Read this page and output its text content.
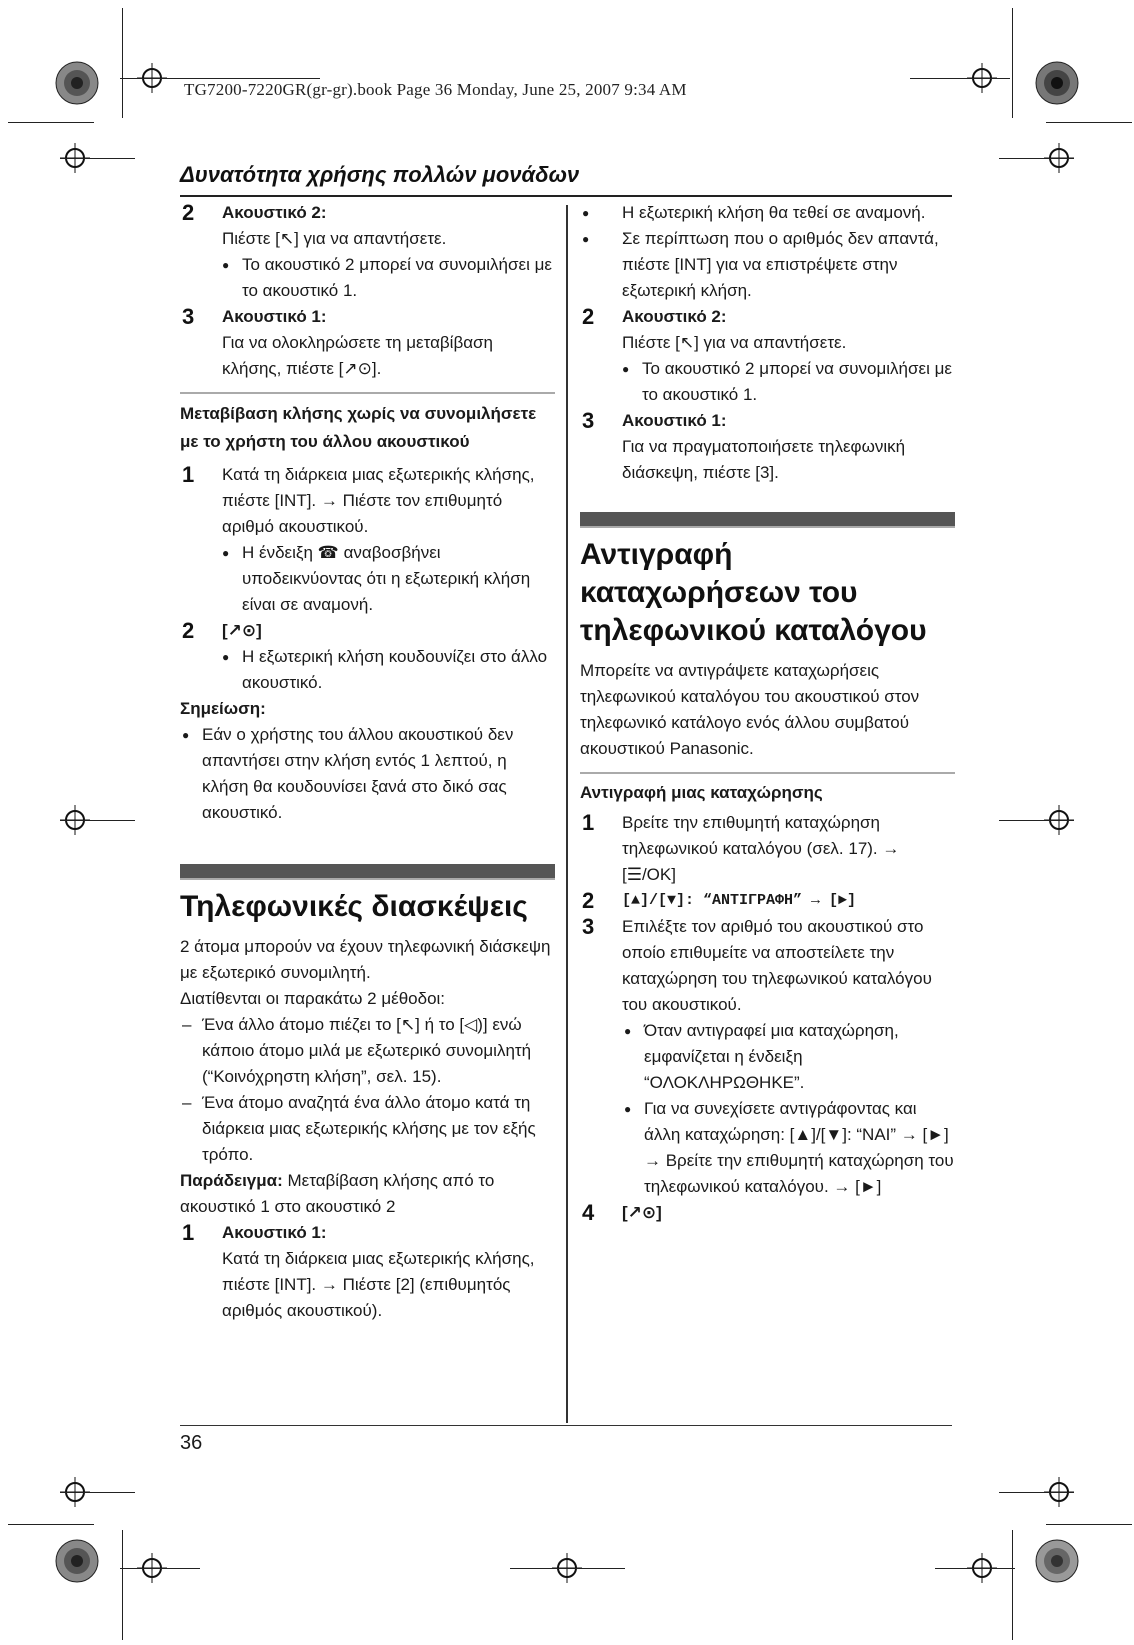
TG7200-7220GR(gr-gr).book Page 36 Monday, June 25, 2007 9:34 AM
Δυνατότητα χρήσης πολλών μονάδων
2 Ακουστικό 2:
Πιέστε [↖] για να απαντήσετε.
● Το ακουστικό 2 μπορεί να συνομιλήσει με το ακουστικό 1.
3 Ακουστικό 1:
Για να ολοκληρώσετε τη μεταβίβαση κλήσης, πιέστε [↗⊙].
Μεταβίβαση κλήσης χωρίς να συνομιλήσετε με το χρήστη του άλλου ακουστικού
1 Κατά τη διάρκεια μιας εξωτερικής κλήσης, πιέστε [INT]. → Πιέστε τον επιθυμητό αριθμό ακουστικού.
● Η ένδειξη ☎ αναβοσβήνει υποδεικνύοντας ότι η εξωτερική κλήση είναι σε αναμονή.
2 [↗⊙]
● Η εξωτερική κλήση κουδουνίζει στο άλλο ακουστικό.
Σημείωση:
● Εάν ο χρήστης του άλλου ακουστικού δεν απαντήσει στην κλήση εντός 1 λεπτού, η κλήση θα κουδουνίσει ξανά στο δικό σας ακουστικό.
Τηλεφωνικές διασκέψεις
2 άτομα μπορούν να έχουν τηλεφωνική διάσκεψη με εξωτερικό συνομιλητή.
Διατίθενται οι παρακάτω 2 μέθοδοι:
– Ένα άλλο άτομο πιέζει το [↖] ή το [◁)] ενώ κάποιο άτομο μιλά με εξωτερικό συνομιλητή (“Κοινόχρηστη κλήση”, σελ. 15).
– Ένα άτομο αναζητά ένα άλλο άτομο κατά τη διάρκεια μιας εξωτερικής κλήσης με τον εξής τρόπο.
Παράδειγμα: Μεταβίβαση κλήσης από το ακουστικό 1 στο ακουστικό 2
1 Ακουστικό 1:
Κατά τη διάρκεια μιας εξωτερικής κλήσης, πιέστε [INT]. → Πιέστε [2] (επιθυμητός αριθμός ακουστικού).
● Η εξωτερική κλήση θα τεθεί σε αναμονή.
● Σε περίπτωση που ο αριθμός δεν απαντά, πιέστε [INT] για να επιστρέψετε στην εξωτερική κλήση.
2 Ακουστικό 2:
Πιέστε [↖] για να απαντήσετε.
● Το ακουστικό 2 μπορεί να συνομιλήσει με το ακουστικό 1.
3 Ακουστικό 1:
Για να πραγματοποιήσετε τηλεφωνική διάσκεψη, πιέστε [3].
Αντιγραφή καταχωρήσεων του τηλεφωνικού καταλόγου
Μπορείτε να αντιγράψετε καταχωρήσεις τηλεφωνικού καταλόγου του ακουστικού στον τηλεφωνικό κατάλογο ενός άλλου συμβατού ακουστικού Panasonic.
Αντιγραφή μιας καταχώρησης
1 Βρείτε την επιθυμητή καταχώρηση τηλεφωνικού καταλόγου (σελ. 17). → [☰/OK]
2 [▲]/[▼]: “ΑΝΤΙΓΡΑΦΗ” → [►]
3 Επιλέξτε τον αριθμό του ακουστικού στο οποίο επιθυμείτε να αποστείλετε την καταχώρηση του τηλεφωνικού καταλόγου του ακουστικού.
● Όταν αντιγραφεί μια καταχώρηση, εμφανίζεται η ένδειξη “ΟΛΟΚΛΗΡΩΘΗΚΕ”.
● Για να συνεχίσετε αντιγράφοντας και άλλη καταχώρηση: [▲]/[▼]: “ΝΑΙ” → [►] → Βρείτε την επιθυμητή καταχώρηση του τηλεφωνικού καταλόγου. → [►]
4 [↗⊙]
36
